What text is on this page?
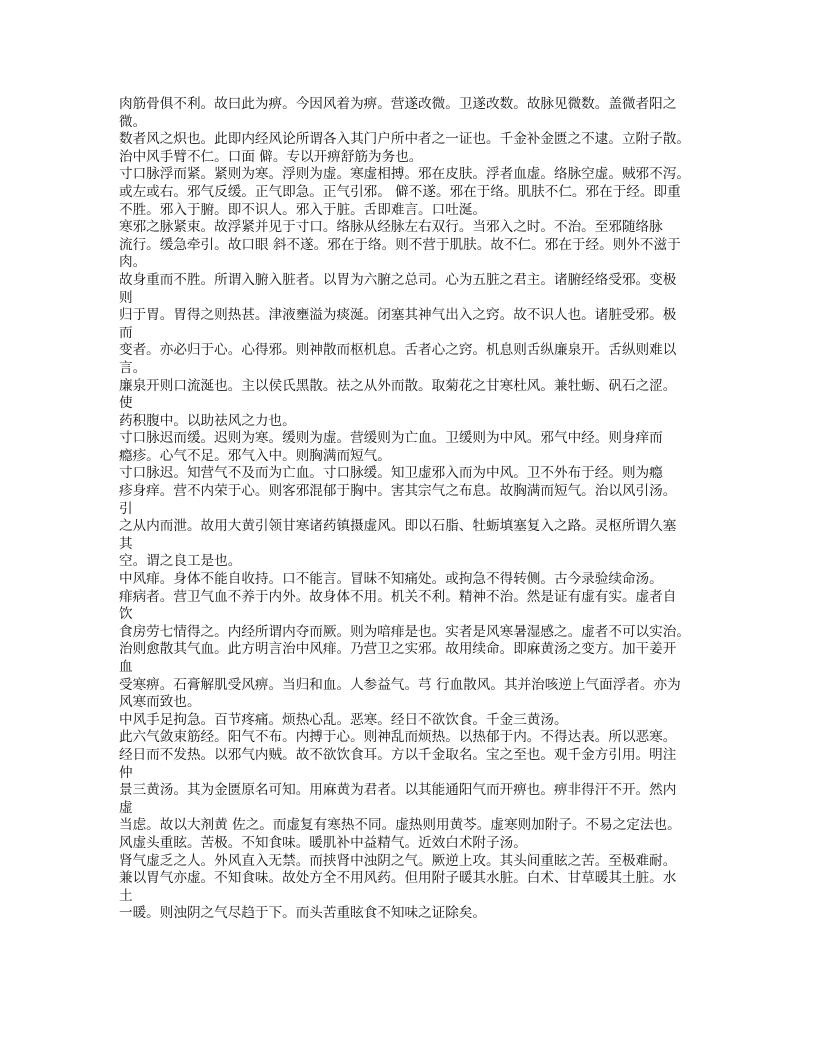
肉筋骨俱不利。故曰此为痹。今因风着为痹。营遂改微。卫遂改数。故脉见微数。盖微者阳之
微。
数者风之炽也。此即内经风论所谓各入其门户所中者之一证也。千金补金匮之不逮。立附子散。
治中风手臂不仁。口面 僻。专以开痹舒筋为务也。
寸口脉浮而紧。紧则为寒。浮则为虚。寒虚相搏。邪在皮肤。浮者血虚。络脉空虚。贼邪不泻。
或左或右。邪气反缓。正气即急。正气引邪。 僻不遂。邪在于络。肌肤不仁。邪在于经。即重
不胜。邪入于腑。即不识人。邪入于脏。舌即难言。口吐涎。
寒邪之脉紧束。故浮紧并见于寸口。络脉从经脉左右双行。当邪入之时。不治。至邪随络脉
流行。缓急牵引。故口眼 斜不遂。邪在于络。则不营于肌肤。故不仁。邪在于经。则外不滋于
肉。
故身重而不胜。所谓入腑入脏者。以胃为六腑之总司。心为五脏之君主。诸腑经络受邪。变极
则
归于胃。胃得之则热甚。津液壅溢为痰涎。闭塞其神气出入之窍。故不识人也。诸脏受邪。极
而
变者。亦必归于心。心得邪。则神散而枢机息。舌者心之窍。机息则舌纵廉泉开。舌纵则难以
言。
廉泉开则口流涎也。主以侯氏黑散。祛之从外而散。取菊花之甘寒杜风。兼牡蛎、矾石之涩。
使
药积腹中。以助祛风之力也。
寸口脉迟而缓。迟则为寒。缓则为虚。营缓则为亡血。卫缓则为中风。邪气中经。则身痒而
瘾疹。心气不足。邪气入中。则胸满而短气。
寸口脉迟。知营气不及而为亡血。寸口脉缓。知卫虚邪入而为中风。卫不外布于经。则为瘾
疹身痒。营不内荣于心。则客邪混郁于胸中。害其宗气之布息。故胸满而短气。治以风引汤。
引
之从内而泄。故用大黄引领甘寒诸药镇摄虚风。即以石脂、牡蛎填塞复入之路。灵枢所谓久塞
其
空。谓之良工是也。
中风痱。身体不能自收持。口不能言。冒昧不知痛处。或拘急不得转侧。古今录验续命汤。
痱病者。营卫气血不养于内外。故身体不用。机关不利。精神不治。然是证有虚有实。虚者自
饮
食房劳七情得之。内经所谓内夺而厥。则为喑痱是也。实者是风寒暑湿感之。虚者不可以实治。
治则愈散其气血。此方明言治中风痱。乃营卫之实邪。故用续命。即麻黄汤之变方。加干姜开
血
受寒痹。石膏解肌受风痹。当归和血。人参益气。芎 行血散风。其并治咳逆上气面浮者。亦为
风寒而致也。
中风手足拘急。百节疼痛。烦热心乱。恶寒。经日不欲饮食。千金三黄汤。
此六气敛束筋经。阳气不布。内搏于心。则神乱而烦热。以热郁于内。不得达表。所以恶寒。
经日而不发热。以邪气内贼。故不欲饮食耳。方以千金取名。宝之至也。观千金方引用。明注
仲
景三黄汤。其为金匮原名可知。用麻黄为君者。以其能通阳气而开痹也。痹非得汗不开。然内
虚
当虑。故以大剂黄 佐之。而虚复有寒热不同。虚热则用黄芩。虚寒则加附子。不易之定法也。
风虚头重眩。苦极。不知食味。暖肌补中益精气。近效白术附子汤。
肾气虚乏之人。外风直入无禁。而挟肾中浊阴之气。厥逆上攻。其头间重眩之苦。至极难耐。
兼以胃气亦虚。不知食味。故处方全不用风药。但用附子暖其水脏。白术、甘草暖其土脏。水
土
一暖。则浊阴之气尽趋于下。而头苦重眩食不知味之证除矣。
